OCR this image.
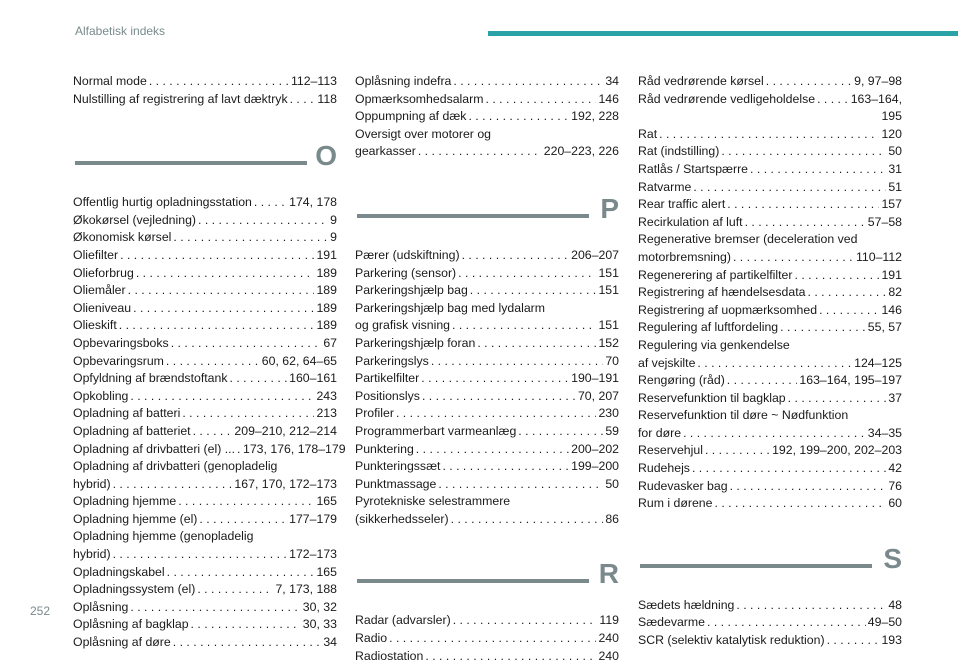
Alfabetisk indeks
Normal mode . . .	112–113
Nulstilling af registrering af lavt dæktryk . . . 118
O
Offentlig hurtig opladningsstation . . .	174, 178
Økokørsel (vejledning) . . .	9
Økonomisk kørsel . . .	9
Oliefilter . . .	191
Olieforbrug . . .	189
Oliemåler . . .	189
Olieniveau . . .	189
Olieskift . . .	189
Opbevaringsboks . . .	67
Opbevaringsrum . . .	60, 62, 64–65
Opfyldning af brændstoftank . . .	160–161
Opkobling . . .	243
Opladning af batteri . . .	213
Opladning af batteriet . . .	209–210, 212–214
Opladning af drivbatteri (el) ... . . . 173, 176, 178–179
Opladning af drivbatteri (genopladelig
hybrid) . . .	167, 170, 172–173
Opladning hjemme . . .	165
Opladning hjemme (el) . . .	177–179
Opladning hjemme (genopladelig
hybrid) . . .	172–173
Opladningskabel . . .	165
Opladningssystem (el) . . .	7, 173, 188
Oplåsning . . .	30, 32
Oplåsning af bagklap . . .	30, 33
Oplåsning af døre . . .	34
Oplåsning indefra . . .	34
Opmærksomhedsalarm . . .	146
Oppumpning af dæk . . .	192, 228
Oversigt over motorer og
gearkasser . . .	220–223, 226
P
Pærer (udskiftning) . . .	206–207
Parkering (sensor) . . .	151
Parkeringshjælp bag . . .	151
Parkeringshjælp bag med lydalarm
og grafisk visning . . .	151
Parkeringshjælp foran . . .	152
Parkeringslys . . .	70
Partikelfilter . . .	190–191
Positionslys . . .	70, 207
Profiler . . .	230
Programmerbart varmeanlæg . . .	59
Punktering . . .	200–202
Punkteringssæt . . .	199–200
Punktmassage . . .	50
Pyrotekniske selestrammere
(sikkerhedsseler) . . .	86
R
Radar (advarsler) . . .	119
Radio . . .	240
Radiostation . . .	240
Råd vedrørende kørsel . . .	9, 97–98
Råd vedrørende vedligeholdelse . . .	163–164,
195
Rat . . .	120
Rat (indstilling) . . .	50
Ratlås / Startspærre . . .	31
Ratvarme . . .	51
Rear traffic alert . . .	157
Recirkulation af luft . . .	57–58
Regenerative bremser (deceleration ved
motorbremsning) . . .	110–112
Regenerering af partikelfilter . . .	191
Registrering af hændelsesdata . . .	82
Registrering af uopmærksomhed . . .	146
Regulering af luftfordeling . . .	55, 57
Regulering via genkendelse
af vejskilte . . .	124–125
Rengøring (råd) . . .	163–164, 195–197
Reservefunktion til bagklap . . .	37
Reservefunktion til døre ~ Nødfunktion
for døre . . .	34–35
Reservehjul . . .	192, 199–200, 202–203
Rudehejs . . .	42
Rudevasker bag . . .	76
Rum i dørene . . .	60
S
Sædets hældning . . .	48
Sædevarme . . .	49–50
SCR (selektiv katalytisk reduktion) . . .	193
252
